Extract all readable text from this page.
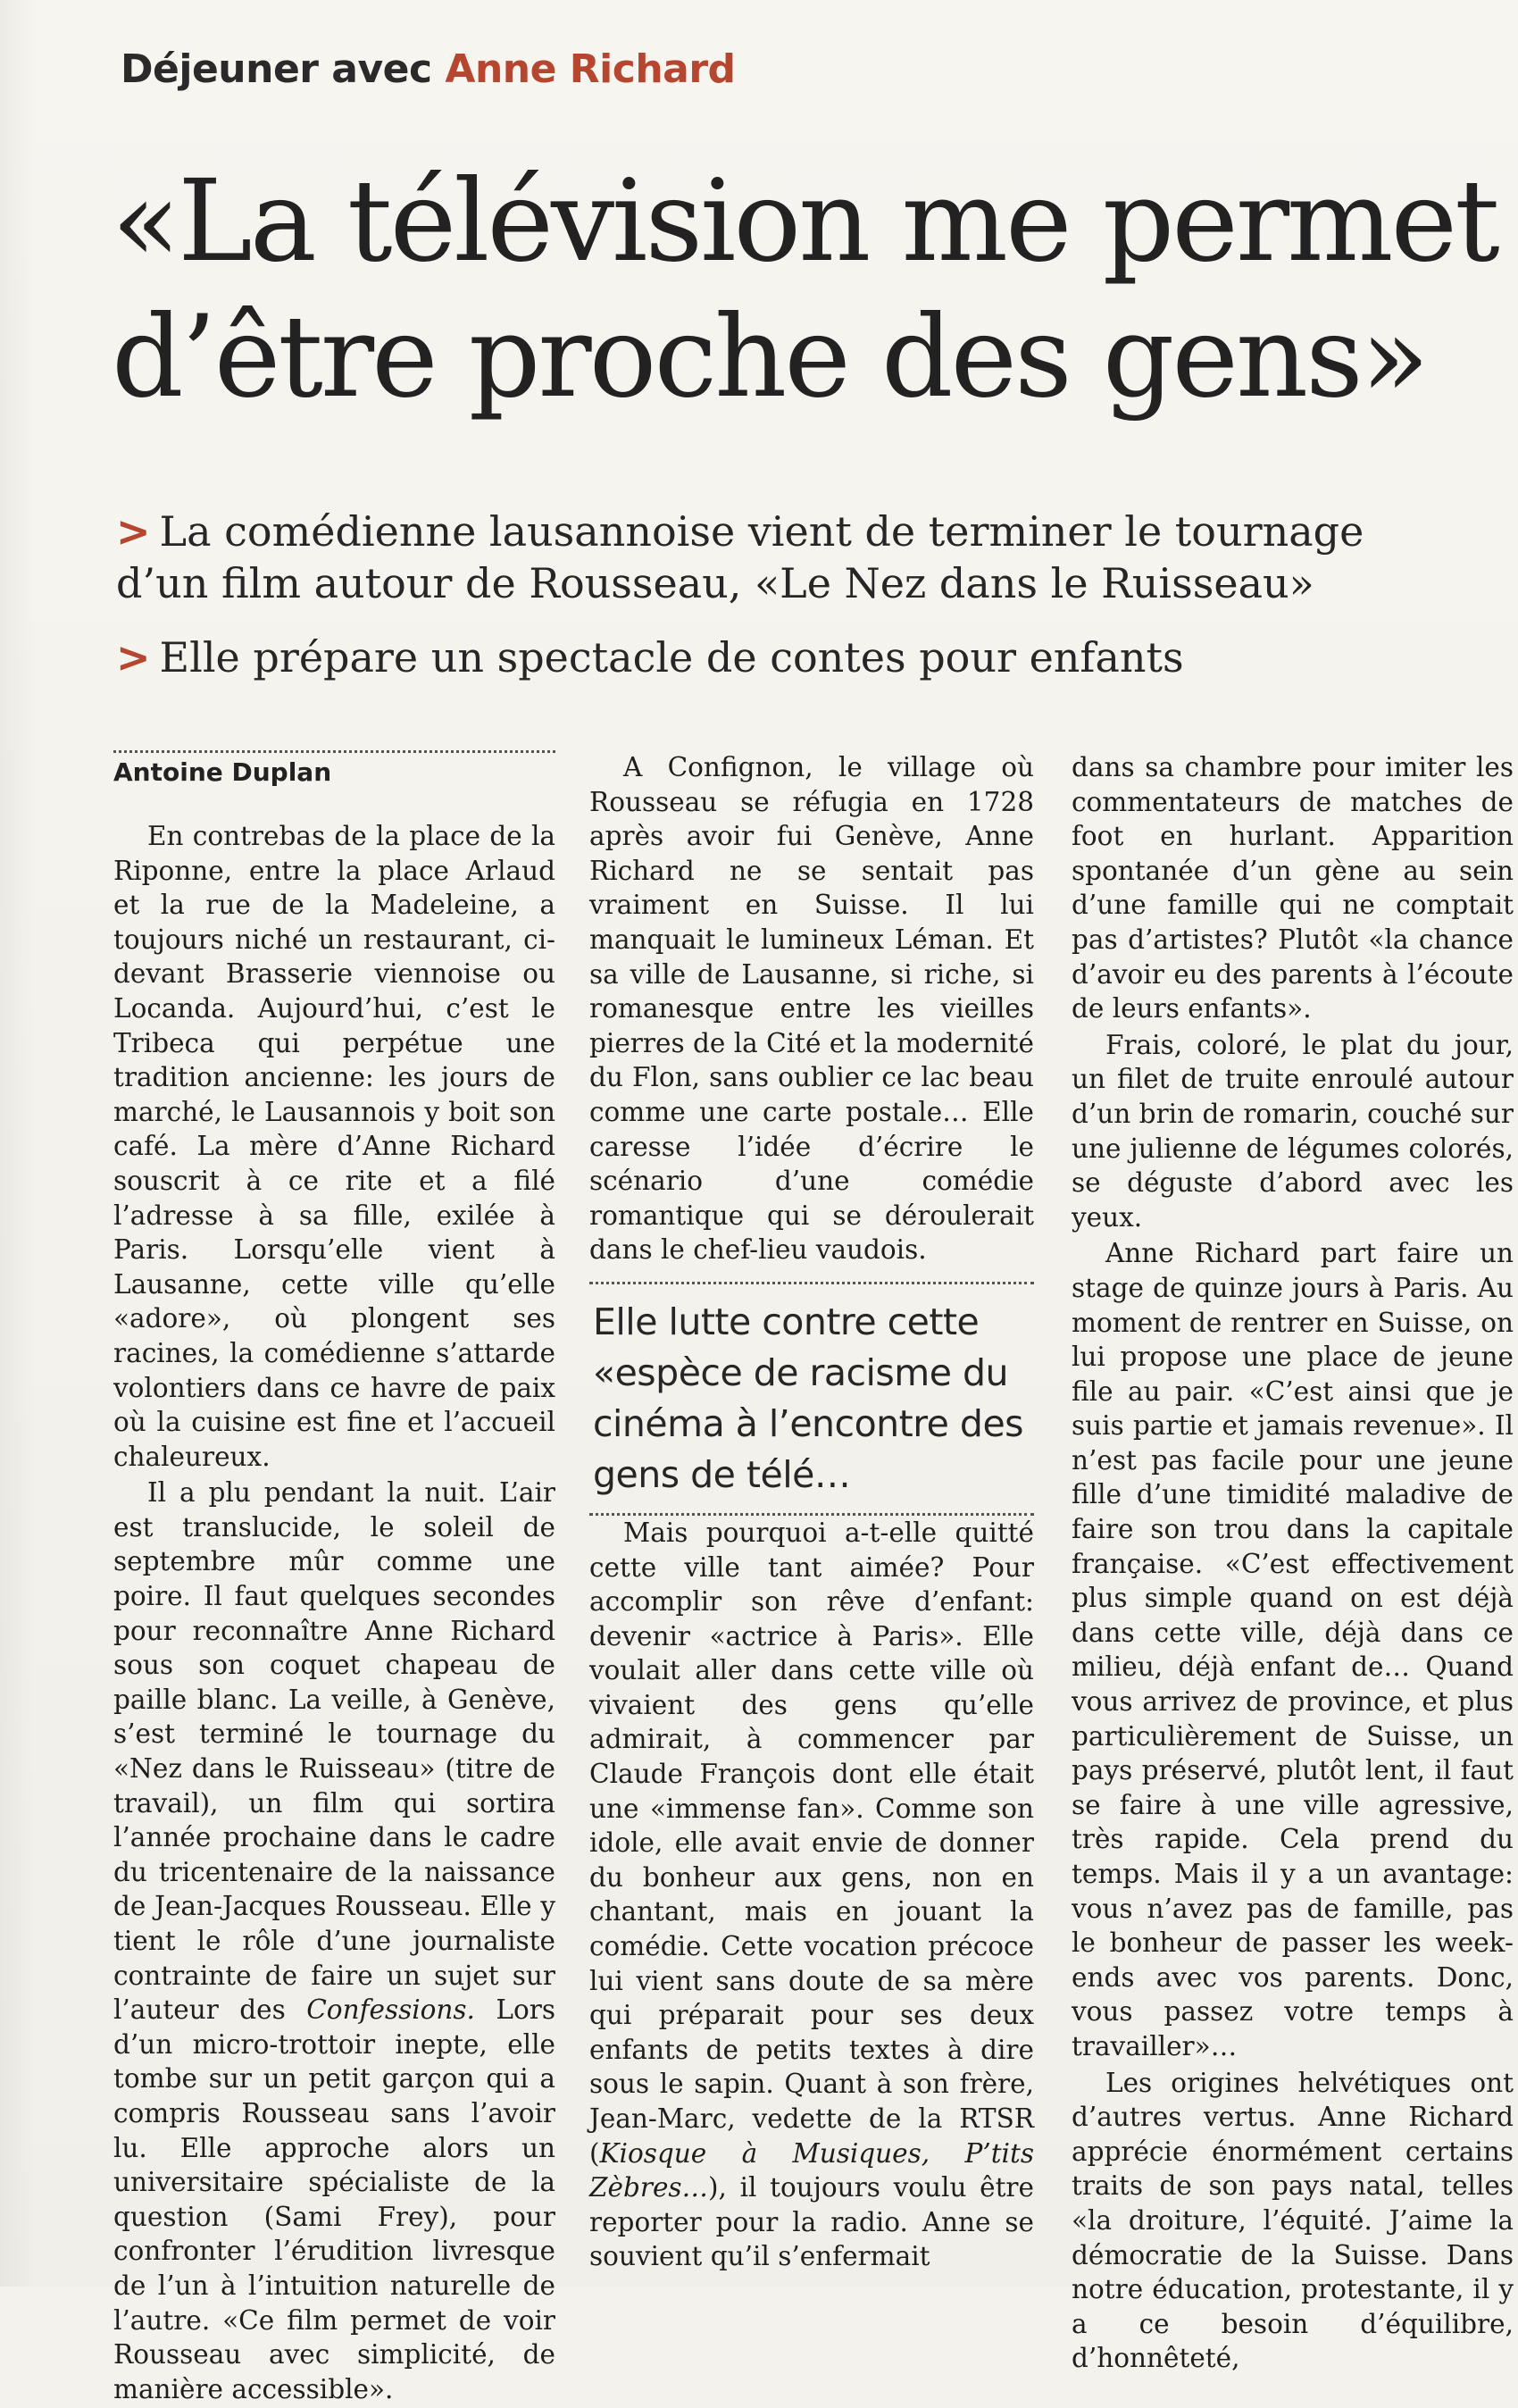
Déjeuner avec Anne Richard
«La télévision me permet
d’être proche des gens»
> La comédienne lausannoise vient de terminer le tournage
d’un film autour de Rousseau, «Le Nez dans le Ruisseau»
> Elle prépare un spectacle de contes pour enfants
Antoine Duplan

En contrebas de la place de la Riponne, entre la place Arlaud et la rue de la Madeleine, a toujours niché un restaurant, ci-devant Brasserie viennoise ou Locanda. Aujourd’hui, c’est le Tribeca qui perpétue une tradition ancienne: les jours de marché, le Lausannois y boit son café. La mère d’Anne Richard souscrit à ce rite et a filé l’adresse à sa fille, exilée à Paris. Lorsqu’elle vient à Lausanne, cette ville qu’elle «adore», où plongent ses racines, la comédienne s’attarde volontiers dans ce havre de paix où la cuisine est fine et l’accueil chaleureux.

Il a plu pendant la nuit. L’air est translucide, le soleil de septembre mûr comme une poire. Il faut quelques secondes pour reconnaître Anne Richard sous son coquet chapeau de paille blanc. La veille, à Genève, s’est terminé le tournage du «Nez dans le Ruisseau» (titre de travail), un film qui sortira l’année prochaine dans le cadre du tricentenaire de la naissance de Jean-Jacques Rousseau. Elle y tient le rôle d’une journaliste contrainte de faire un sujet sur l’auteur des Confessions. Lors d’un micro-trottoir inepte, elle tombe sur un petit garçon qui a compris Rousseau sans l’avoir lu. Elle approche alors un universitaire spécialiste de la question (Sami Frey), pour confronter l’érudition livresque de l’un à l’intuition naturelle de l’autre. «Ce film permet de voir Rousseau avec simplicité, de manière accessible».

A Confignon, le village où Rousseau se réfugia en 1728 après avoir fui Genève, Anne Richard ne se sentait pas vraiment en Suisse. Il lui manquait le lumineux Léman. Et sa ville de Lausanne, si riche, si romanesque entre les vieilles pierres de la Cité et la modernité du Flon, sans oublier ce lac beau comme une carte postale… Elle caresse l’idée d’écrire le scénario d’une comédie romantique qui se déroulerait dans le chef-lieu vaudois.

Elle lutte contre cette «espèce de racisme du cinéma à l’encontre des gens de télé…

Mais pourquoi a-t-elle quitté cette ville tant aimée? Pour accomplir son rêve d’enfant: devenir «actrice à Paris». Elle voulait aller dans cette ville où vivaient des gens qu’elle admirait, à commencer par Claude François dont elle était une «immense fan». Comme son idole, elle avait envie de donner du bonheur aux gens, non en chantant, mais en jouant la comédie. Cette vocation précoce lui vient sans doute de sa mère qui préparait pour ses deux enfants de petits textes à dire sous le sapin. Quant à son frère, Jean-Marc, vedette de la RTSR (Kiosque à Musiques, P’tits Zèbres…), il toujours voulu être reporter pour la radio. Anne se souvient qu’il s’enfermait

dans sa chambre pour imiter les commentateurs de matches de foot en hurlant. Apparition spontanée d’un gène au sein d’une famille qui ne comptait pas d’artistes? Plutôt «la chance d’avoir eu des parents à l’écoute de leurs enfants».

Frais, coloré, le plat du jour, un filet de truite enroulé autour d’un brin de romarin, couché sur une julienne de légumes colorés, se déguste d’abord avec les yeux.

Anne Richard part faire un stage de quinze jours à Paris. Au moment de rentrer en Suisse, on lui propose une place de jeune file au pair. «C’est ainsi que je suis partie et jamais revenue». Il n’est pas facile pour une jeune fille d’une timidité maladive de faire son trou dans la capitale française. «C’est effectivement plus simple quand on est déjà dans cette ville, déjà dans ce milieu, déjà enfant de… Quand vous arrivez de province, et plus particulièrement de Suisse, un pays préservé, plutôt lent, il faut se faire à une ville agressive, très rapide. Cela prend du temps. Mais il y a un avantage: vous n’avez pas de famille, pas le bonheur de passer les week-ends avec vos parents. Donc, vous passez votre temps à travailler»…

Les origines helvétiques ont d’autres vertus. Anne Richard apprécie énormément certains traits de son pays natal, telles «la droiture, l’équité. J’aime la démocratie de la Suisse. Dans notre éducation, protestante, il y a ce besoin d’équilibre, d’honnêteté,
